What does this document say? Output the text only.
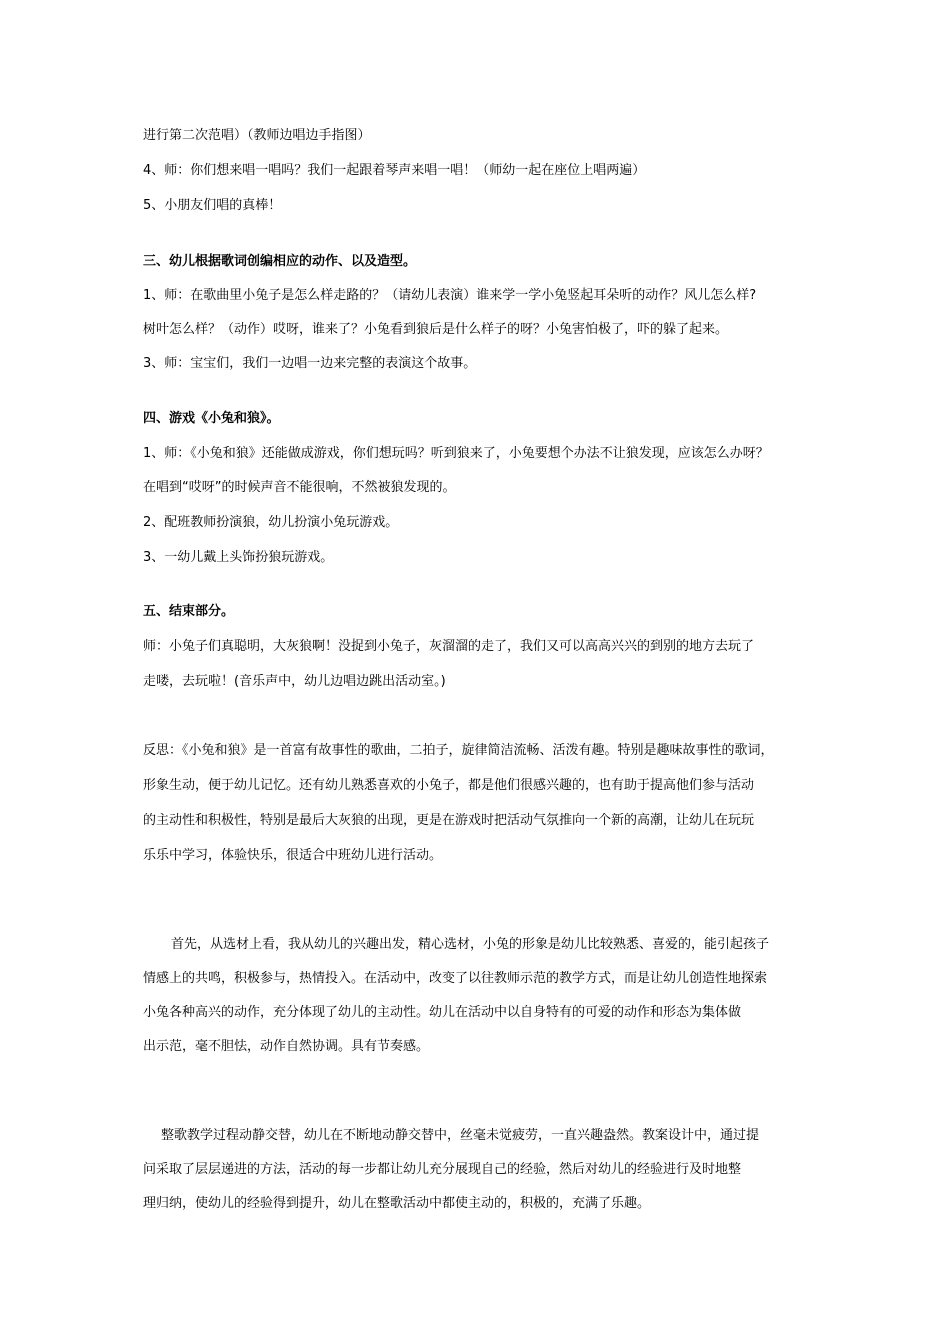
进行第二次范唱）（教师边唱边手指图）
4、师：你们想来唱一唱吗？我们一起跟着琴声来唱一唱！（师幼一起在座位上唱两遍）
5、小朋友们唱的真棒！
三、幼儿根据歌词创编相应的动作、以及造型。
1、师：在歌曲里小兔子是怎么样走路的？（请幼儿表演）谁来学一学小兔竖起耳朵听的动作？风儿怎么样?
树叶怎么样？（动作）哎呀，谁来了？小兔看到狼后是什么样子的呀？小兔害怕极了，吓的躲了起来。
3、师：宝宝们，我们一边唱一边来完整的表演这个故事。
四、游戏《小兔和狼》。
1、师：《小兔和狼》还能做成游戏，你们想玩吗？听到狼来了，小兔要想个办法不让狼发现，应该怎么办呀？
在唱到“哎呀”的时候声音不能很响，不然被狼发现的。
2、配班教师扮演狼，幼儿扮演小兔玩游戏。
3、一幼儿戴上头饰扮狼玩游戏。
五、结束部分。
师：小兔子们真聪明，大灰狼啊！没捉到小兔子，灰溜溜的走了，我们又可以高高兴兴的到别的地方去玩了
走喽，去玩啦！(音乐声中，幼儿边唱边跳出活动室。)
反思：《小兔和狼》是一首富有故事性的歌曲，二拍子，旋律简洁流畅、活泼有趣。特别是趣味故事性的歌词，
形象生动，便于幼儿记忆。还有幼儿熟悉喜欢的小兔子，都是他们很感兴趣的，也有助于提高他们参与活动
的主动性和积极性，特别是最后大灰狼的出现，更是在游戏时把活动气氛推向一个新的高潮，让幼儿在玩玩
乐乐中学习，体验快乐，很适合中班幼儿进行活动。
首先，从选材上看，我从幼儿的兴趣出发，精心选材，小兔的形象是幼儿比较熟悉、喜爱的，能引起孩子
情感上的共鸣，积极参与，热情投入。在活动中，改变了以往教师示范的教学方式，而是让幼儿创造性地探索
小兔各种高兴的动作，充分体现了幼儿的主动性。幼儿在活动中以自身特有的可爱的动作和形态为集体做
出示范，毫不胆怯，动作自然协调。具有节奏感。
整歌教学过程动静交替，幼儿在不断地动静交替中，丝毫未觉疲劳，一直兴趣盎然。教案设计中，通过提
问采取了层层递进的方法，活动的每一步都让幼儿充分展现自己的经验，然后对幼儿的经验进行及时地整
理归纳，使幼儿的经验得到提升，幼儿在整歌活动中都使主动的，积极的，充满了乐趣。
